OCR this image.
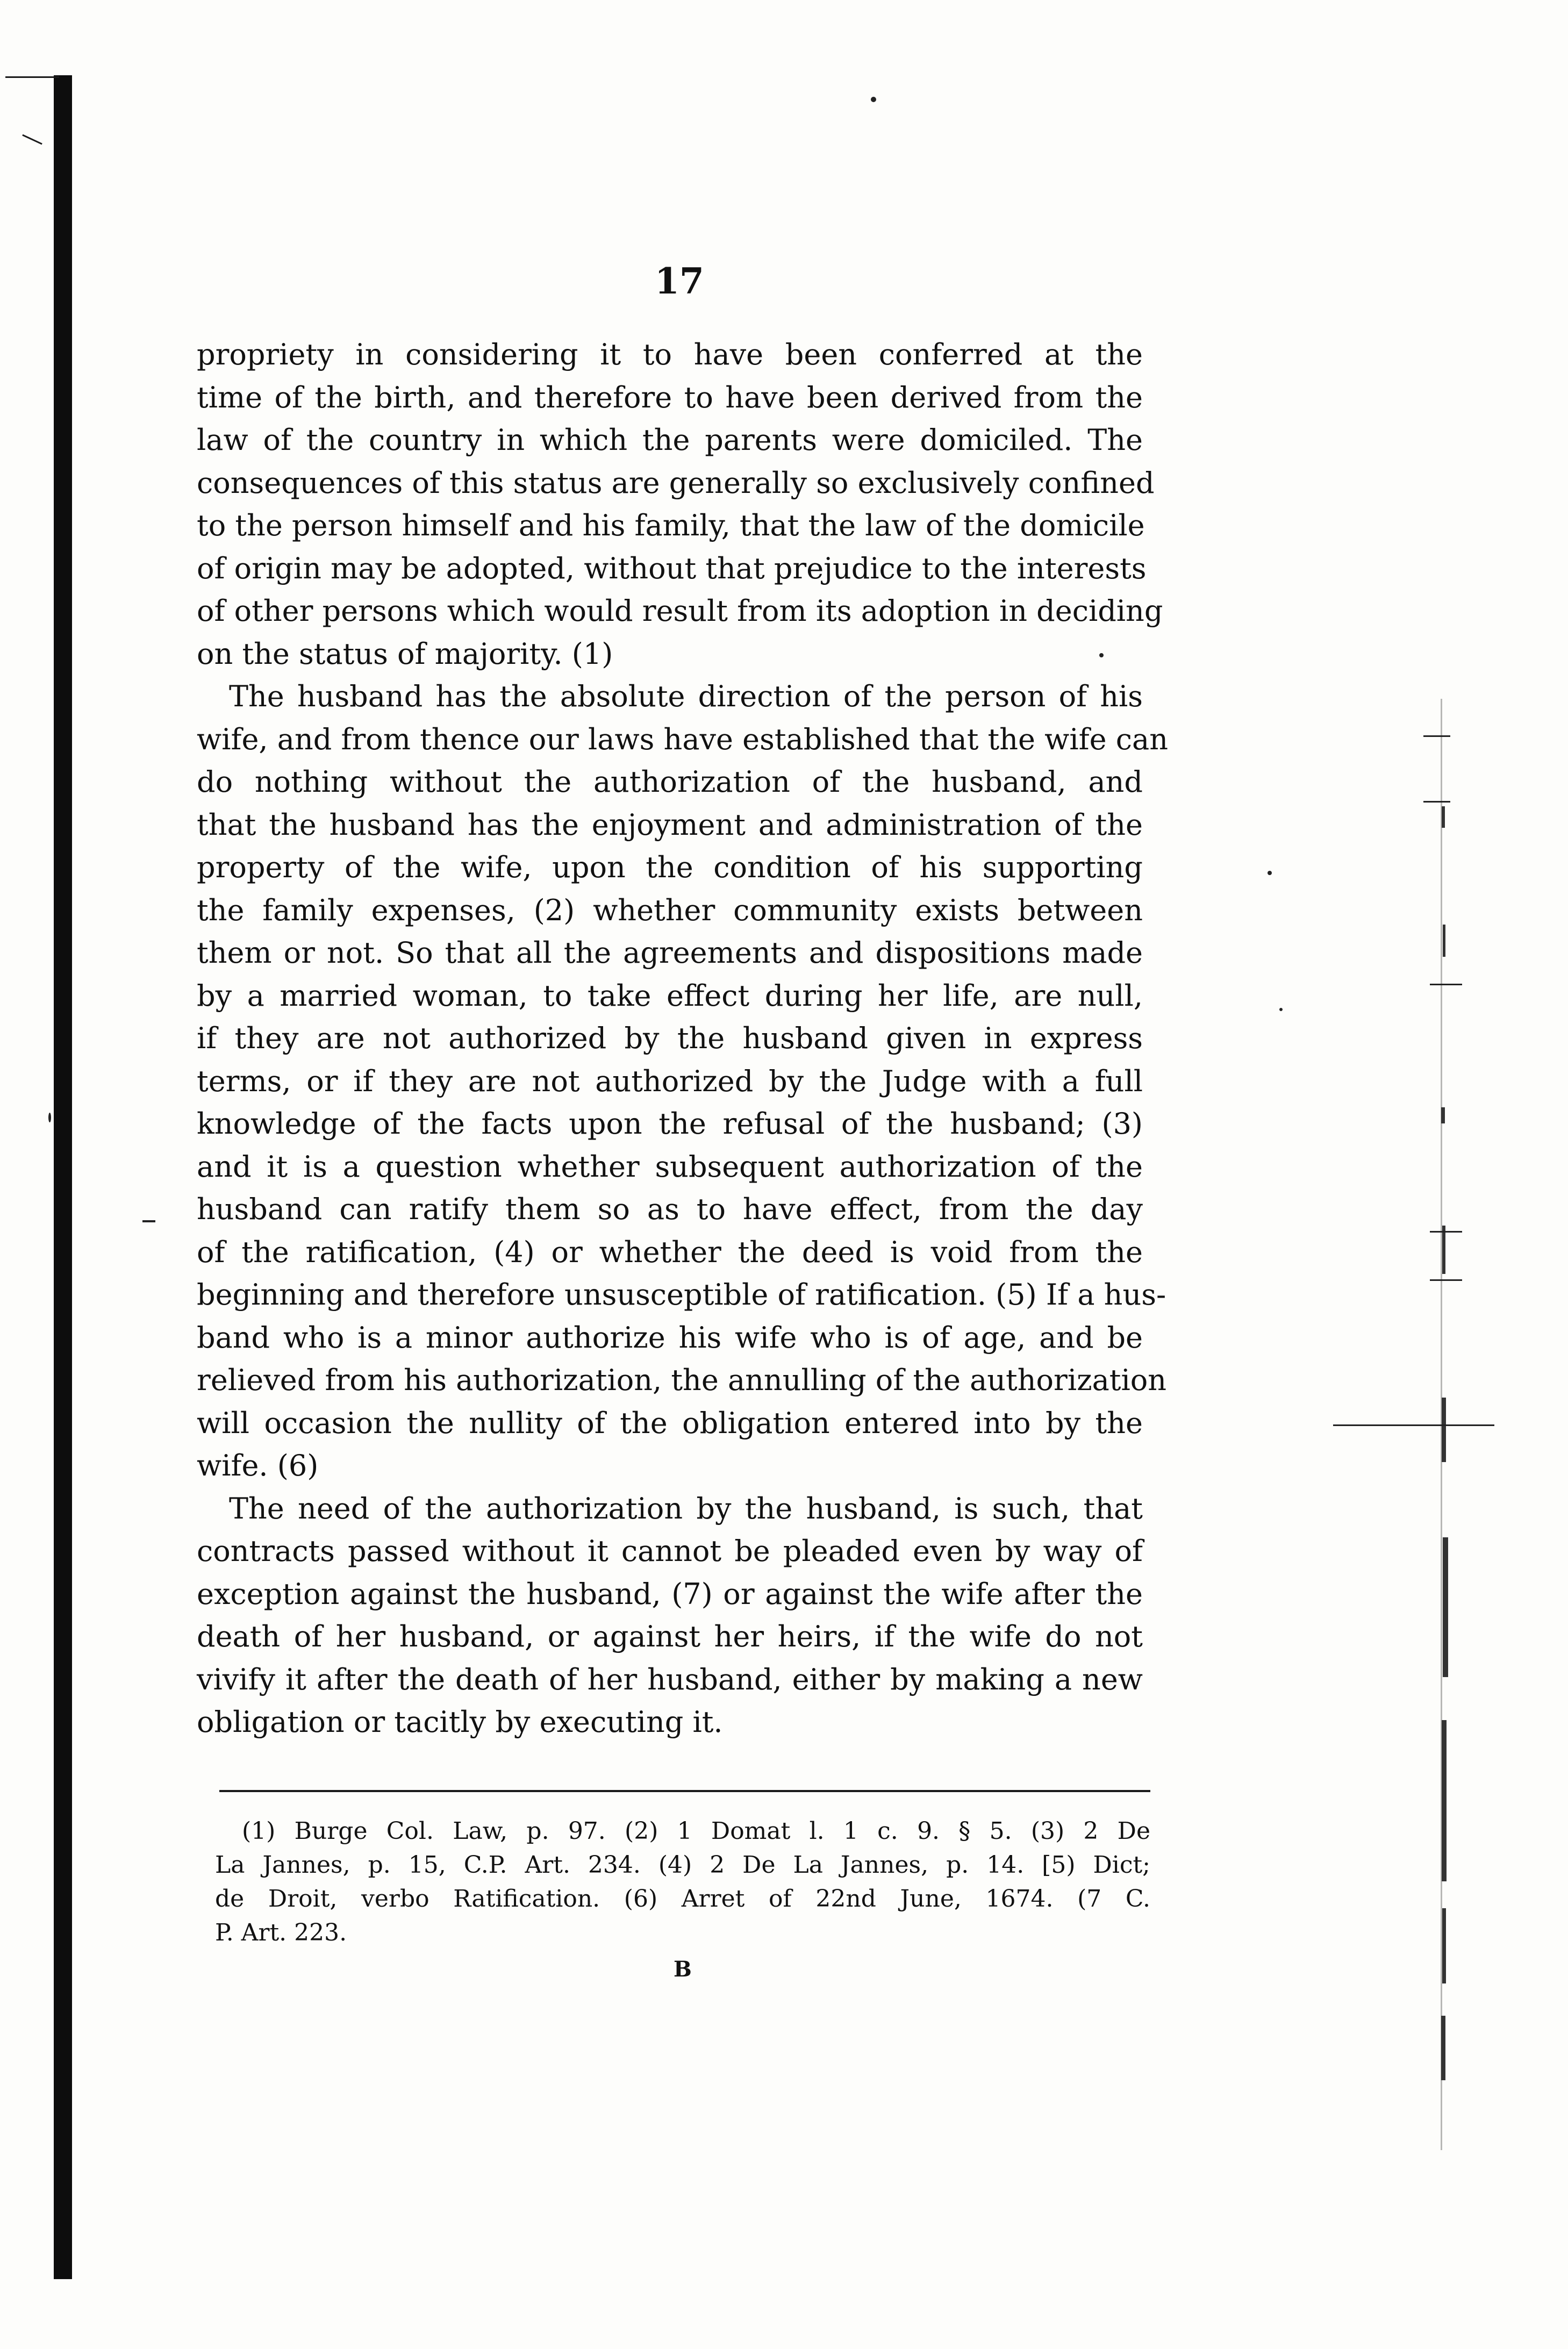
17
propriety in considering it to have been conferred at the
time of the birth, and therefore to have been derived from the
law of the country in which the parents were domiciled. The
consequences of this status are generally so exclusively confined
to the person himself and his family, that the law of the domicile
of origin may be adopted, without that prejudice to the interests
of other persons which would result from its adoption in deciding
on the status of majority. (1)
The husband has the absolute direction of the person of his
wife, and from thence our laws have established that the wife can
do nothing without the authorization of the husband, and
that the husband has the enjoyment and administration of the
property of the wife, upon the condition of his supporting
the family expenses, (2) whether community exists between
them or not. So that all the agreements and dispositions made
by a married woman, to take effect during her life, are null,
if they are not authorized by the husband given in express
terms, or if they are not authorized by the Judge with a full
knowledge of the facts upon the refusal of the husband; (3)
and it is a question whether subsequent authorization of the
husband can ratify them so as to have effect, from the day
of the ratification, (4) or whether the deed is void from the
beginning and therefore unsusceptible of ratification. (5) If a hus-
band who is a minor authorize his wife who is of age, and be
relieved from his authorization, the annulling of the authorization
will occasion the nullity of the obligation entered into by the
wife. (6)
The need of the authorization by the husband, is such, that
contracts passed without it cannot be pleaded even by way of
exception against the husband, (7) or against the wife after the
death of her husband, or against her heirs, if the wife do not
vivify it after the death of her husband, either by making a new
obligation or tacitly by executing it.
(1) Burge Col. Law, p. 97. (2) 1 Domat l. 1 c. 9. § 5. (3) 2 De
La Jannes, p. 15, C.P. Art. 234. (4) 2 De La Jannes, p. 14. [5) Dict;
de Droit, verbo Ratification. (6) Arret of 22nd June, 1674. (7 C.
P. Art. 223.
B
